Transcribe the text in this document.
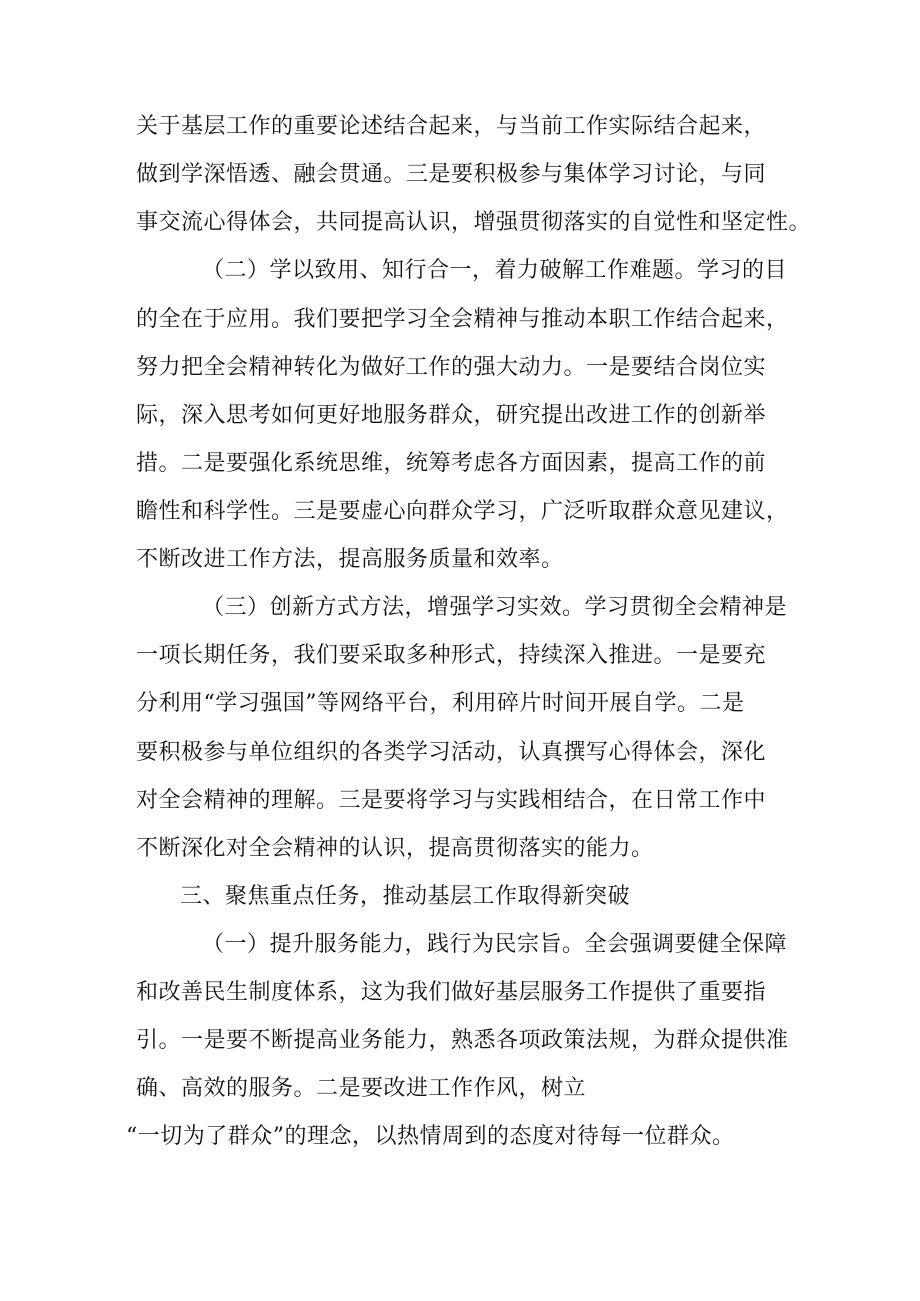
关于基层工作的重要论述结合起来，与当前工作实际结合起来，
做到学深悟透、融会贯通。三是要积极参与集体学习讨论，与同
事交流心得体会，共同提高认识，增强贯彻落实的自觉性和坚定性。
（二）学以致用、知行合一，着力破解工作难题。学习的目
的全在于应用。我们要把学习全会精神与推动本职工作结合起来，
努力把全会精神转化为做好工作的强大动力。一是要结合岗位实
际，深入思考如何更好地服务群众，研究提出改进工作的创新举
措。二是要强化系统思维，统筹考虑各方面因素，提高工作的前
瞻性和科学性。三是要虚心向群众学习，广泛听取群众意见建议，
不断改进工作方法，提高服务质量和效率。
（三）创新方式方法，增强学习实效。学习贯彻全会精神是
一项长期任务，我们要采取多种形式，持续深入推进。一是要充
分利用“学习强国”等网络平台，利用碎片时间开展自学。二是
要积极参与单位组织的各类学习活动，认真撰写心得体会，深化
对全会精神的理解。三是要将学习与实践相结合，在日常工作中
不断深化对全会精神的认识，提高贯彻落实的能力。
三、聚焦重点任务，推动基层工作取得新突破
（一）提升服务能力，践行为民宗旨。全会强调要健全保障
和改善民生制度体系，这为我们做好基层服务工作提供了重要指
引。一是要不断提高业务能力，熟悉各项政策法规，为群众提供准
确、高效的服务。二是要改进工作作风，树立
“一切为了群众”的理念，以热情周到的态度对待每一位群众。
